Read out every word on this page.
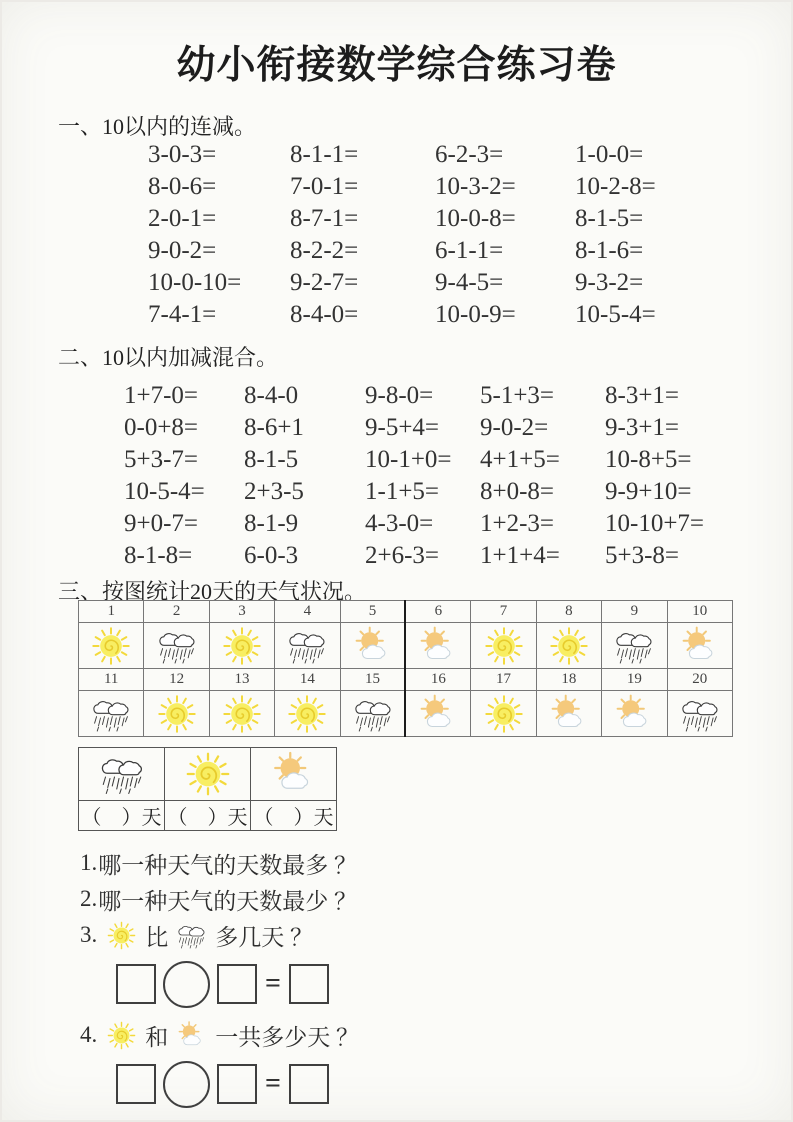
幼小衔接数学综合练习卷
一、10以内的连减。
3-0-3=	8-1-1=	6-2-3=	1-0-0=
8-0-6=	7-0-1=	10-3-2=	10-2-8=
2-0-1=	8-7-1=	10-0-8=	8-1-5=
9-0-2=	8-2-2=	6-1-1=	8-1-6=
10-0-10=	9-2-7=	9-4-5=	9-3-2=
7-4-1=	8-4-0=	10-0-9=	10-5-4=
二、10以内加减混合。
1+7-0=	8-4-0	9-8-0=	5-1+3=	8-3+1=
0-0+8=	8-6+1	9-5+4=	9-0-2=	9-3+1=
5+3-7=	8-1-5	10-1+0=	4+1+5=	10-8+5=
10-5-4=	2+3-5	1-1+5=	8+0-8=	9-9+10=
9+0-7=	8-1-9	4-3-0=	1+2-3=	10-10+7=
8-1-8=	6-0-3	2+6-3=	1+1+4=	5+3-8=
三、按图统计20天的天气状况。
1	2	3	4	5	6	7	8	9	10

11	12	13	14	15	16	17	18	19	20

（　）天	（　）天	（　）天
1. 哪一种天气的天数最多 ？
2. 哪一种天气的天数最少 ？
3. 比 多几天 ？
=
4. 和 一共多少天 ？
=
